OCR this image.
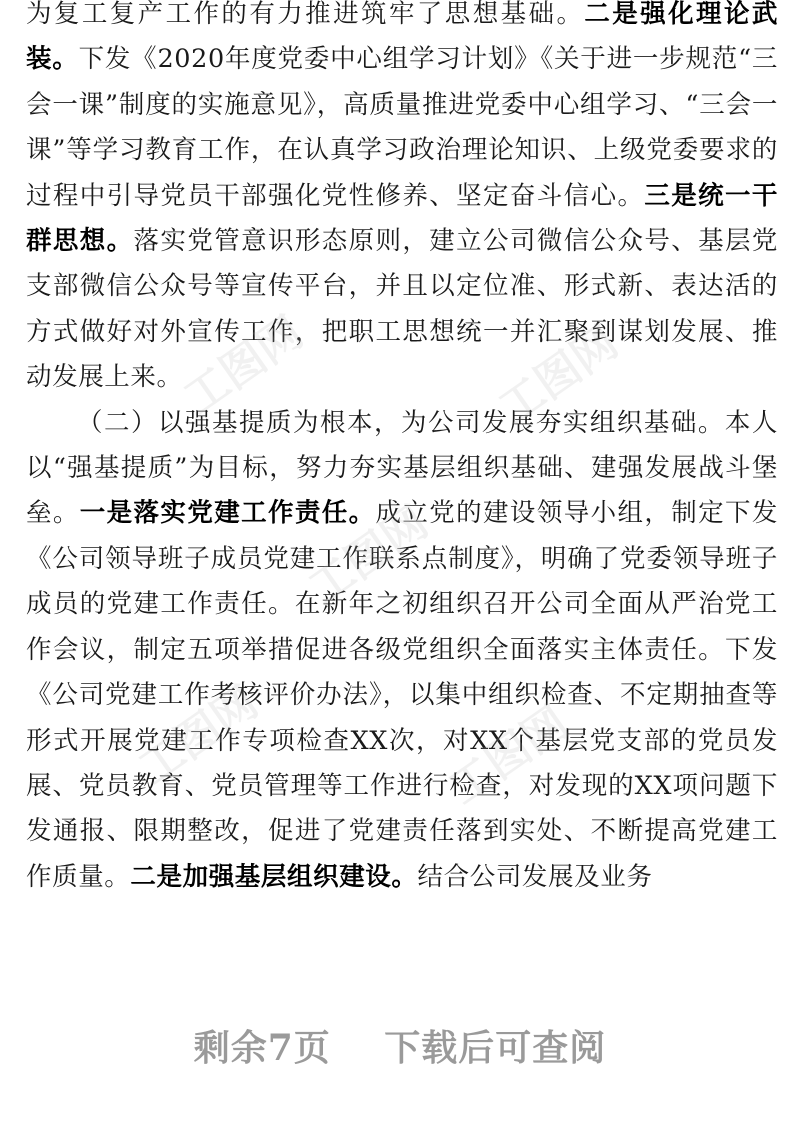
为复工复产工作的有力推进筑牢了思想基础。二是强化理论武装。下发《2020年度党委中心组学习计划》《关于进一步规范“三会一课”制度的实施意见》，高质量推进党委中心组学习、“三会一课”等学习教育工作，在认真学习政治理论知识、上级党委要求的过程中引导党员干部强化党性修养、坚定奋斗信心。三是统一干群思想。落实党管意识形态原则，建立公司微信公众号、基层党支部微信公众号等宣传平台，并且以定位准、形式新、表达活的方式做好对外宣传工作，把职工思想统一并汇聚到谋划发展、推动发展上来。

（二）以强基提质为根本，为公司发展夯实组织基础。本人以“强基提质”为目标，努力夯实基层组织基础、建强发展战斗堡垒。一是落实党建工作责任。成立党的建设领导小组，制定下发《公司领导班子成员党建工作联系点制度》，明确了党委领导班子成员的党建工作责任。在新年之初组织召开公司全面从严治党工作会议，制定五项举措促进各级党组织全面落实主体责任。下发《公司党建工作考核评价办法》，以集中组织检查、不定期抽查等形式开展党建工作专项检查XX次，对XX个基层党支部的党员发展、党员教育、党员管理等工作进行检查，对发现的XX项问题下发通报、限期整改，促进了党建责任落到实处、不断提高党建工作质量。二是加强基层组织建设。结合公司发展及业务

工图网	工图网
工图网
工图网	工图网
剩余7页 下载后可查阅
